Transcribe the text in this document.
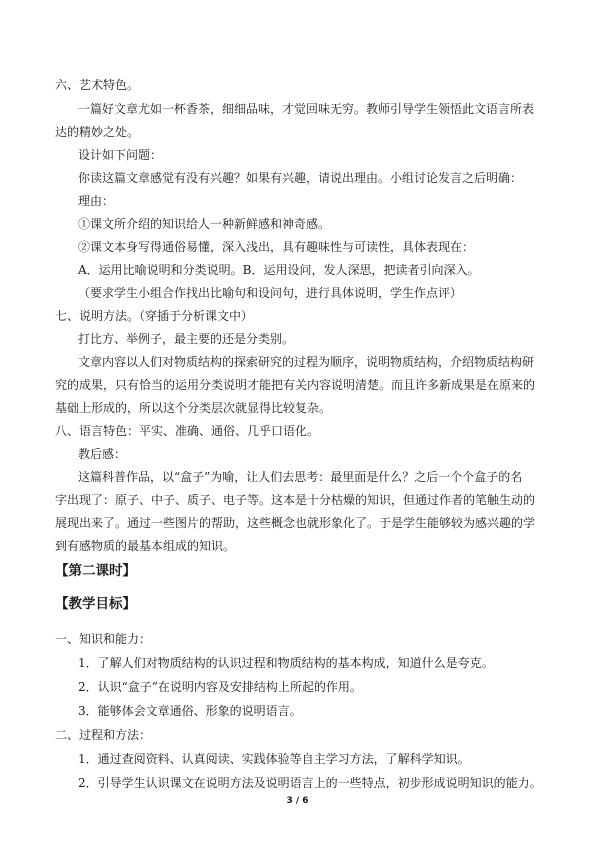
六、艺术特色。
一篇好文章尤如一杯香茶，细细品味，才觉回味无穷。教师引导学生领悟此文语言所表
达的精妙之处。
设计如下问题：
你读这篇文章感觉有没有兴趣？如果有兴趣，请说出理由。小组讨论发言之后明确：
理由：
①课文所介绍的知识给人一种新鲜感和神奇感。
②课文本身写得通俗易懂，深入浅出，具有趣味性与可读性，具体表现在：
A．运用比喻说明和分类说明。B．运用设问，发人深思，把读者引向深入。
（要求学生小组合作找出比喻句和设问句，进行具体说明，学生作点评）
七、说明方法。（穿插于分析课文中）
打比方、举例子，最主要的还是分类别。
文章内容以人们对物质结构的探索研究的过程为顺序，说明物质结构，介绍物质结构研
究的成果，只有恰当的运用分类说明才能把有关内容说明清楚。而且许多新成果是在原来的
基础上形成的，所以这个分类层次就显得比较复杂。
八、语言特色：平实、准确、通俗、几乎口语化。
教后感：
这篇科普作品，以“盒子”为喻，让人们去思考：最里面是什么？之后一个个盒子的名
字出现了：原子、中子、质子、电子等。这本是十分枯燥的知识，但通过作者的笔触生动的
展现出来了。通过一些图片的帮助，这些概念也就形象化了。于是学生能够较为感兴趣的学
到有感物质的最基本组成的知识。
【第二课时】
【教学目标】
一、知识和能力：
1．了解人们对物质结构的认识过程和物质结构的基本构成，知道什么是夸克。
2．认识“盒子”在说明内容及安排结构上所起的作用。
3．能够体会文章通俗、形象的说明语言。
二、过程和方法：
1．通过查阅资料、认真阅读、实践体验等自主学习方法，了解科学知识。
2．引导学生认识课文在说明方法及说明语言上的一些特点，初步形成说明知识的能力。
3 / 6
